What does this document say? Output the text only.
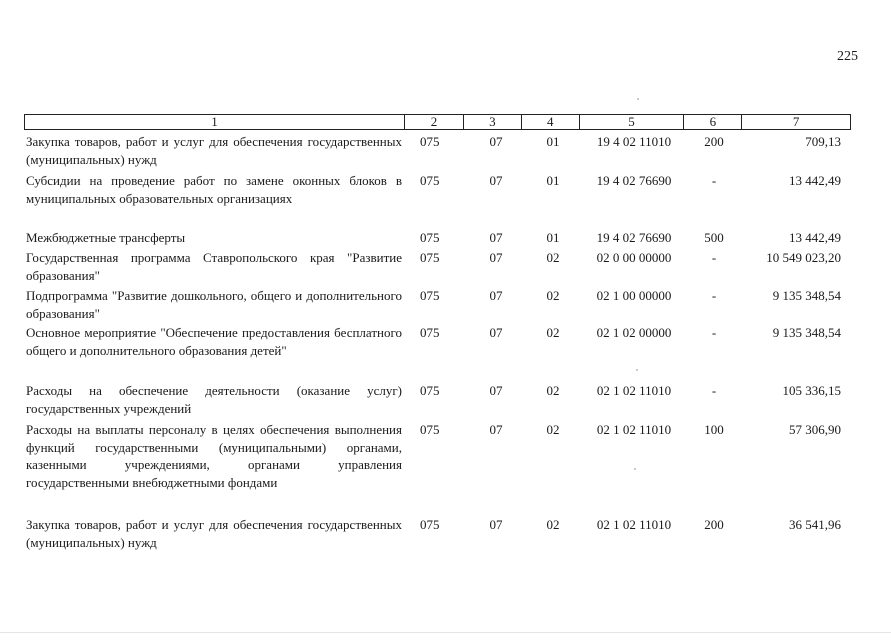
225
1	2	3	4	5	6	7
Закупка товаров, работ и услуг для обеспечения государственных (муниципальных) нужд
075	07	01	19 4 02 11010	200	709,13
Субсидии на проведение работ по замене оконных блоков в муниципальных образовательных организациях
075	07	01	19 4 02 76690	-	13 442,49
Межбюджетные трансферты	075	07	01	19 4 02 76690	500	13 442,49
Государственная программа Ставропольского края "Развитие образования"
075	07	02	02 0 00 00000	-	10 549 023,20
Подпрограмма "Развитие дошкольного, общего и дополнительного образования"
075	07	02	02 1 00 00000	-	9 135 348,54
Основное мероприятие "Обеспечение предоставления бесплатного общего и дополнительного образования детей"
075	07	02	02 1 02 00000	-	9 135 348,54
Расходы на обеспечение деятельности (оказание услуг) государственных учреждений
075	07	02	02 1 02 11010	-	105 336,15
Расходы на выплаты персоналу в целях обеспечения выполнения функций государственными (муниципальными) органами, казенными учреждениями, органами управления государственными внебюджетными фондами
075	07	02	02 1 02 11010	100	57 306,90
Закупка товаров, работ и услуг для обеспечения государственных (муниципальных) нужд
075	07	02	02 1 02 11010	200	36 541,96
